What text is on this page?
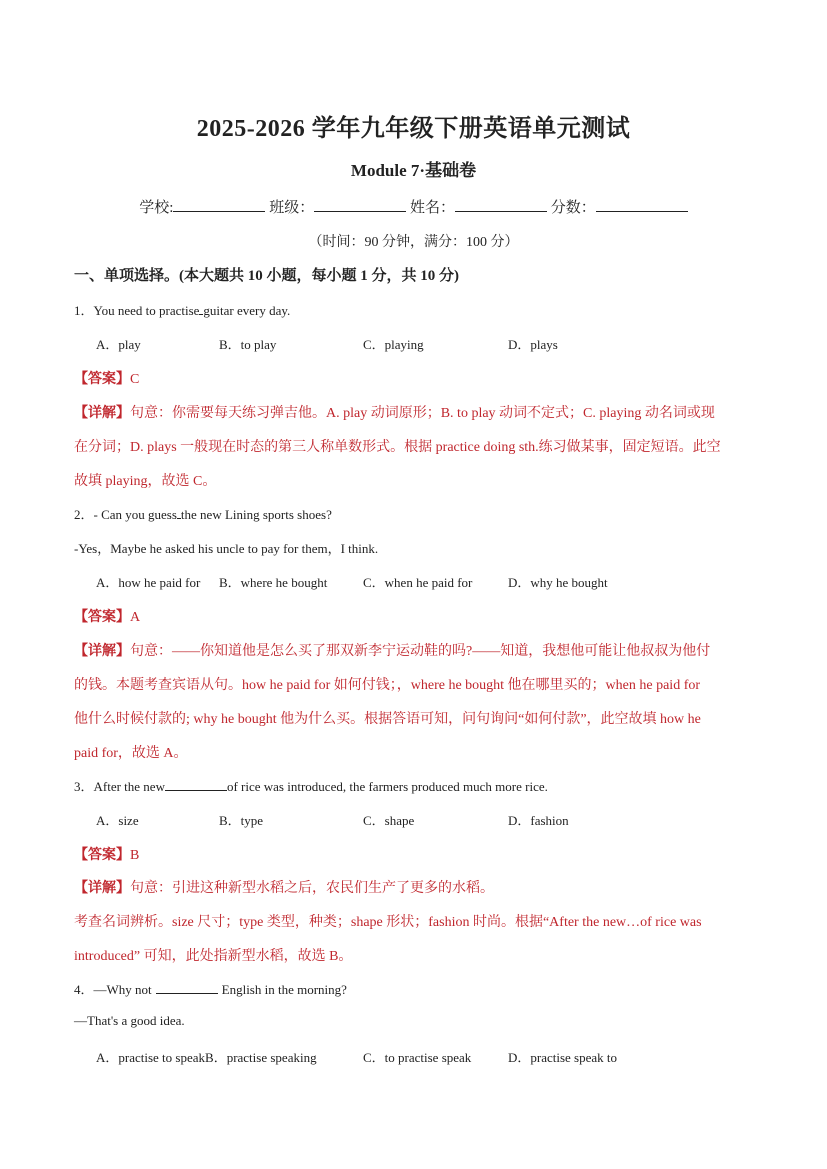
2025-2026 学年九年级下册英语单元测试
Module 7·基础卷
学校:	班级：	姓名：	分数：
（时间：90 分钟，满分：100 分）
一、单项选择。(本大题共 10 小题，每小题 1 分，共 10 分)
1．You need to practise guitar every day.
A．play	B．to play	C．playing	D．plays
【答案】C
【详解】句意：你需要每天练习弹吉他。A. play 动词原形；B. to play 动词不定式；C. playing 动名词或现
在分词；D. plays 一般现在时态的第三人称单数形式。根据 practice doing sth.练习做某事，固定短语。此空
故填 playing，故选 C。
2．- Can you guess the new Lining sports shoes?
-Yes，Maybe he asked his uncle to pay for them，I think.
A．how he paid for B．where he bought	C．when he paid for	D．why he bought
【答案】A
【详解】句意：——你知道他是怎么买了那双新李宁运动鞋的吗?——知道，我想他可能让他叔叔为他付
的钱。本题考查宾语从句。how he paid for 如何付钱；，where he bought 他在哪里买的；when he paid for
他什么时候付款的; why he bought 他为什么买。根据答语可知，问句询问“如何付款”，此空故填 how he
paid for，故选 A。
3．After the new	of rice was introduced, the farmers produced much more rice.
A．size	B．type	C．shape	D．fashion
【答案】B
【详解】句意：引进这种新型水稻之后，农民们生产了更多的水稻。
考查名词辨析。size 尺寸；type 类型，种类；shape 形状；fashion 时尚。根据“After the new…of rice was
introduced” 可知，此处指新型水稻，故选 B。
4．—Why not	English in the morning?
—That's a good idea.
A．practise to speakB．practise speaking	C．to practise speak	D．practise speak to
